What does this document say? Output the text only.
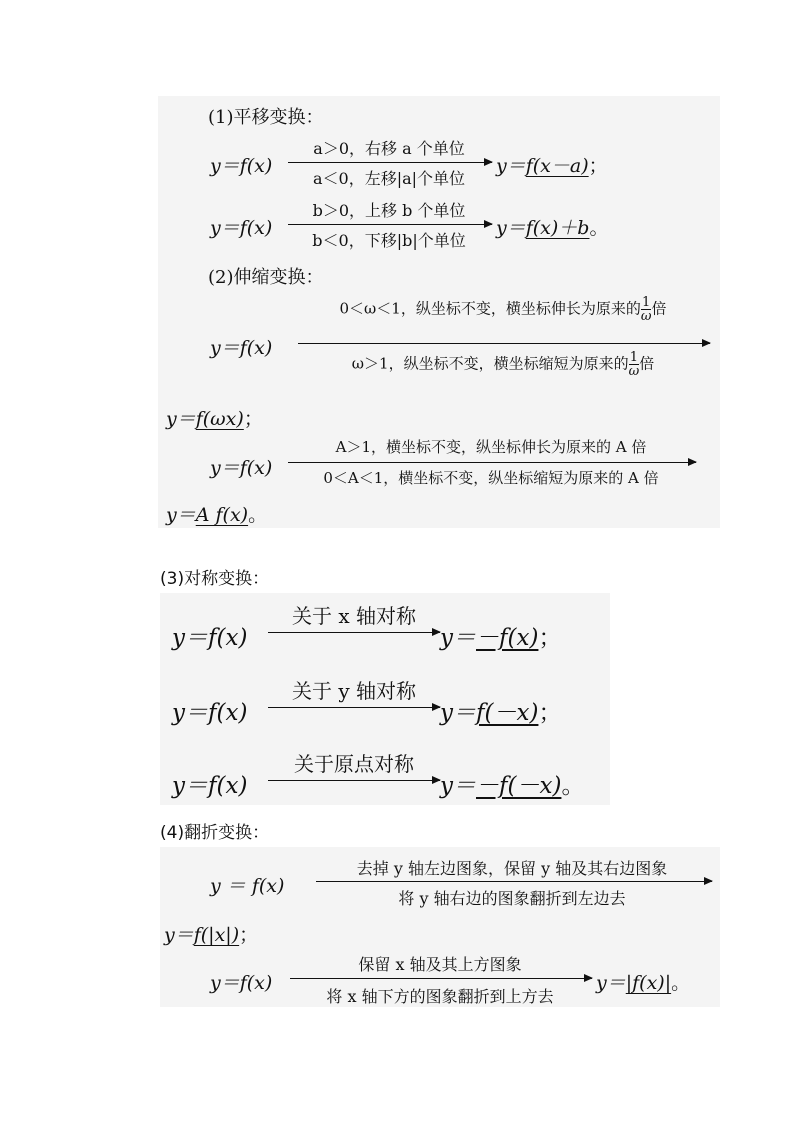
(1)平移变换：
y＝f(x)
a＞0，右移 a 个单位
a＜0，左移|a|个单位
y＝f(x－a)；
y＝f(x)
b＞0，上移 b 个单位
b＜0，下移|b|个单位
y＝f(x)＋b。
(2)伸缩变换：
y＝f(x)
0＜ω＜1，纵坐标不变，横坐标伸长为原来的 $\frac{1}{\omega}$ 倍
ω＞1，纵坐标不变，横坐标缩短为原来的 $\frac{1}{\omega}$ 倍
y＝f(ωx)；
y＝f(x)
A＞1，横坐标不变，纵坐标伸长为原来的 A 倍
0＜A＜1，横坐标不变，纵坐标缩短为原来的 A 倍
y＝A f(x)。
(3)对称变换：
y＝f(x)
关于 x 轴对称
y＝－f(x)；
y＝f(x)
关于 y 轴对称
y＝f(－x)；
y＝f(x)
关于原点对称
y＝－f(－x)。
(4)翻折变换：
y ＝ f(x)
去掉 y 轴左边图象，保留 y 轴及其右边图象
将 y 轴右边的图象翻折到左边去
y＝f(|x|)；
y＝f(x)
保留 x 轴及其上方图象
将 x 轴下方的图象翻折到上方去
y＝|f(x)|。
